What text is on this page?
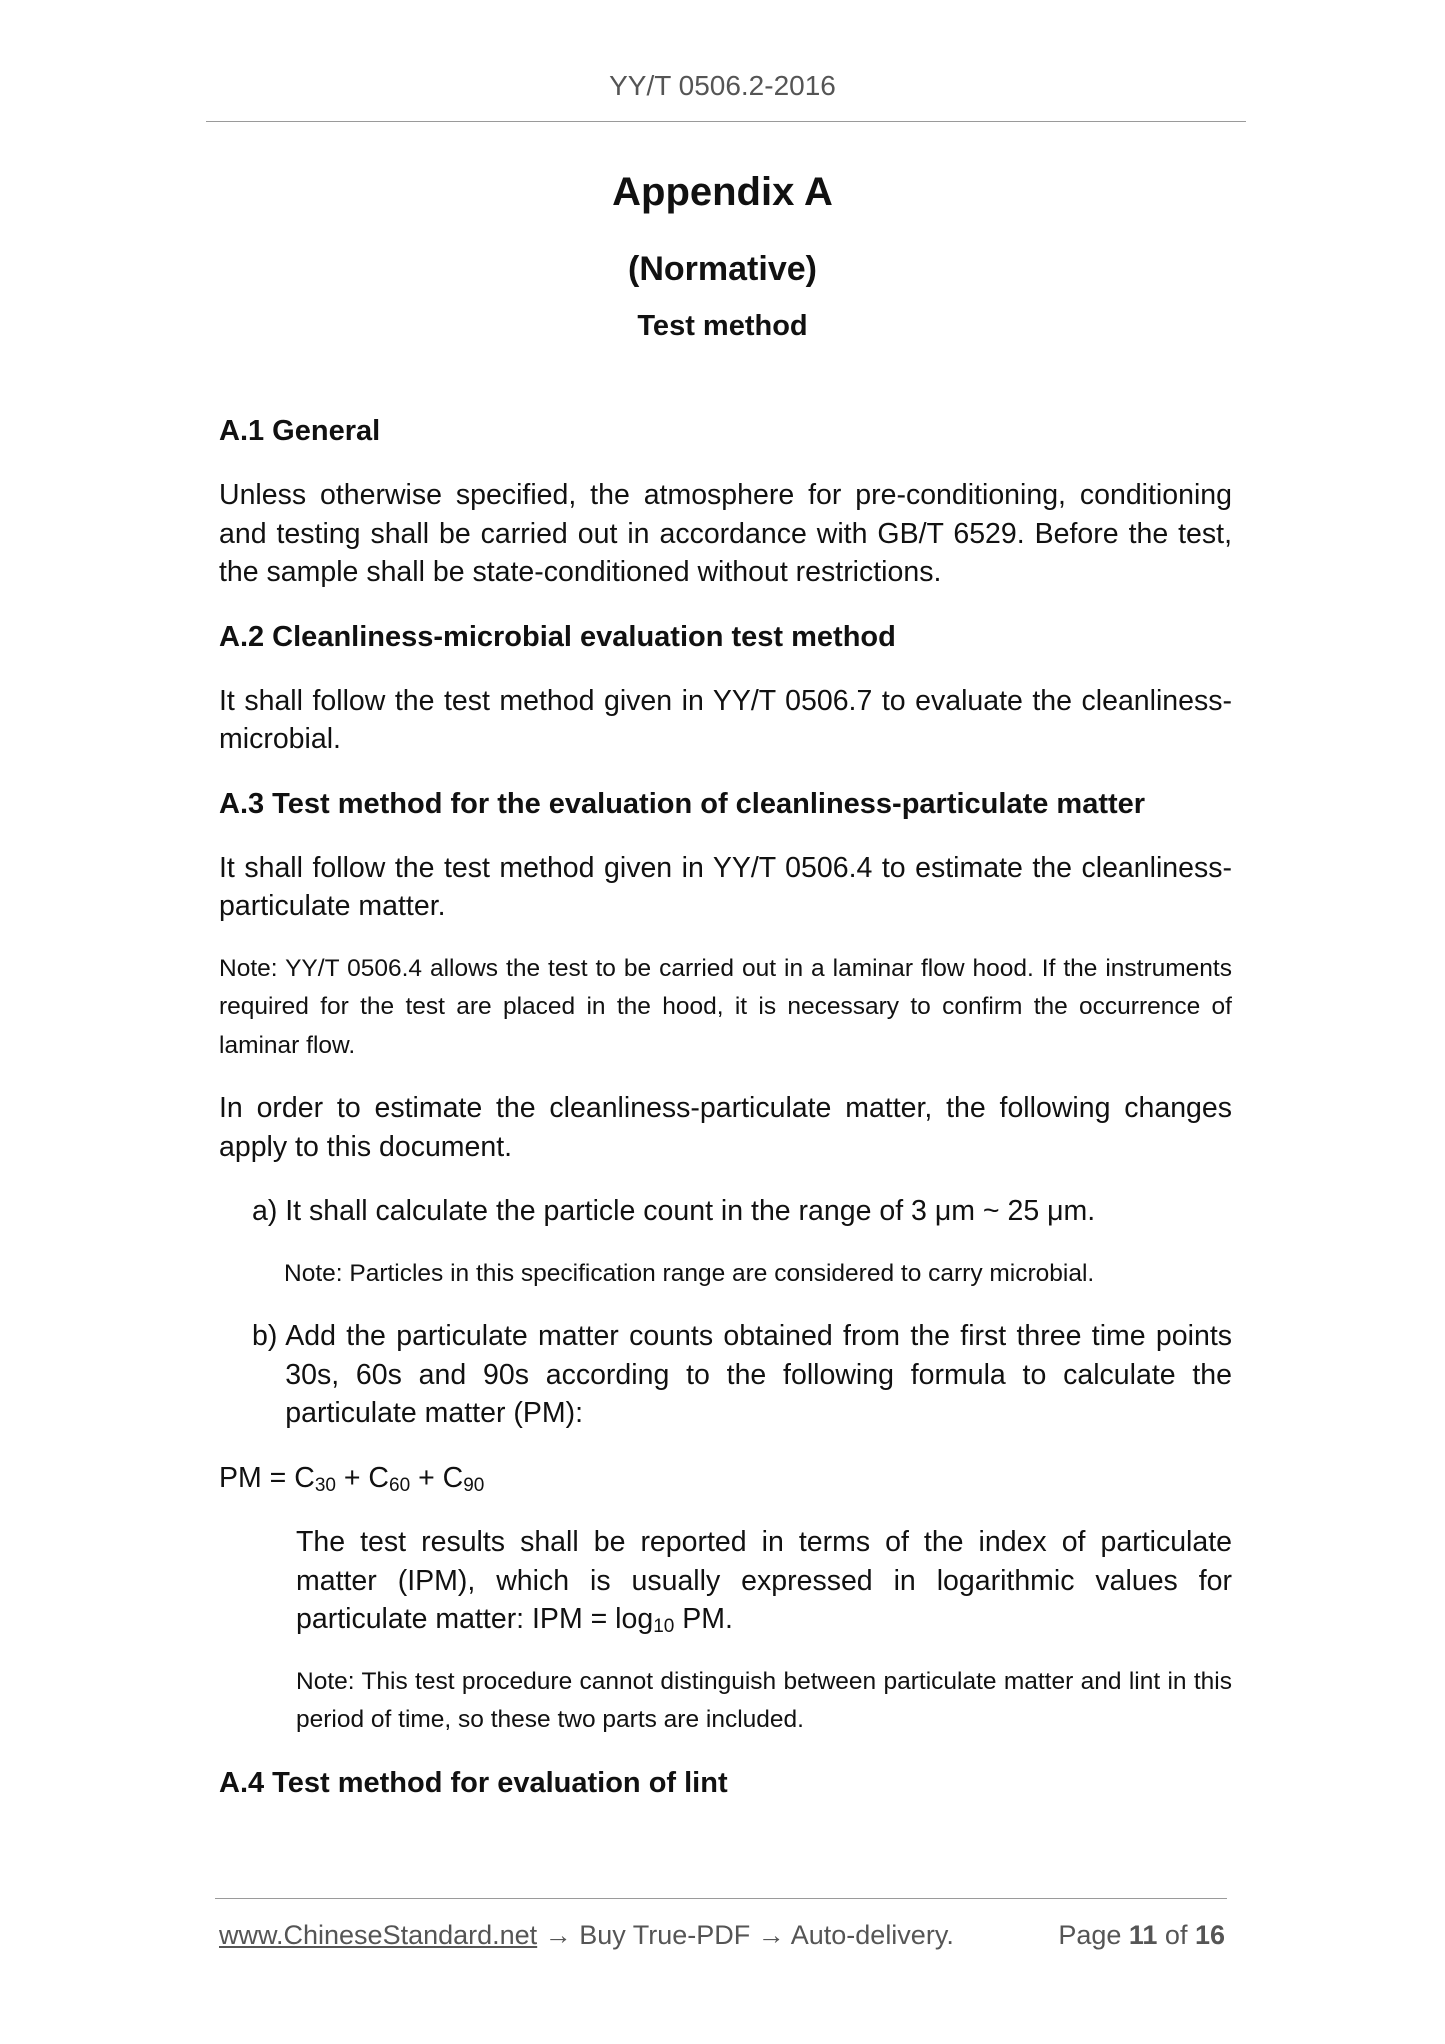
YY/T 0506.2-2016
Appendix A
(Normative)
Test method

A.1 General

Unless otherwise specified, the atmosphere for pre-conditioning, conditioning and testing shall be carried out in accordance with GB/T 6529. Before the test, the sample shall be state-conditioned without restrictions.

A.2 Cleanliness-microbial evaluation test method

It shall follow the test method given in YY/T 0506.7 to evaluate the cleanliness-microbial.

A.3 Test method for the evaluation of cleanliness-particulate matter

It shall follow the test method given in YY/T 0506.4 to estimate the cleanliness-particulate matter.

Note: YY/T 0506.4 allows the test to be carried out in a laminar flow hood. If the instruments required for the test are placed in the hood, it is necessary to confirm the occurrence of laminar flow.

In order to estimate the cleanliness-particulate matter, the following changes apply to this document.

a) It shall calculate the particle count in the range of 3 μm ~ 25 μm.

Note: Particles in this specification range are considered to carry microbial.

b) Add the particulate matter counts obtained from the first three time points 30s, 60s and 90s according to the following formula to calculate the particulate matter (PM):

PM = $C_{30} + C_{60} + C_{90}$

The test results shall be reported in terms of the index of particulate matter (IPM), which is usually expressed in logarithmic values for particulate matter: IPM = $\log_{10}$ PM.

Note: This test procedure cannot distinguish between particulate matter and lint in this period of time, so these two parts are included.

A.4 Test method for evaluation of lint

www.ChineseStandard.net → Buy True-PDF → Auto-delivery.	Page 11 of 16
